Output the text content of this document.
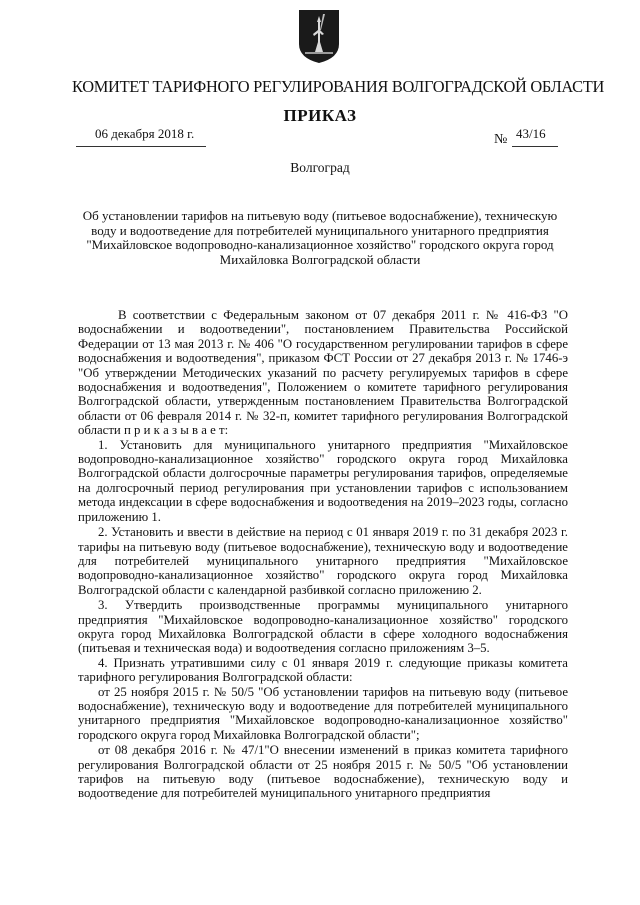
КОМИТЕТ ТАРИФНОГО РЕГУЛИРОВАНИЯ ВОЛГОГРАДСКОЙ ОБЛАСТИ
ПРИКАЗ
06 декабря 2018 г.	№ 43/16
Волгоград

Об установлении тарифов на питьевую воду (питьевое водоснабжение), техническую

воду и водоотведение для потребителей муниципального унитарного предприятия

"Михайловское водопроводно-канализационное хозяйство" городского округа город

Михайловка Волгоградской области

В соответствии с Федеральным законом от 07 декабря 2011 г. № 416-ФЗ "О водоснабжении и водоотведении", постановлением Правительства Российской Федерации от 13 мая 2013 г. № 406 "О государственном регулировании тарифов в сфере водоснабжения и водоотведения", приказом ФСТ России от 27 декабря 2013 г. № 1746-э "Об утверждении Методических указаний по расчету регулируемых тарифов в сфере водоснабжения и водоотведения", Положением о комитете тарифного регулирования Волгоградской области, утвержденным постановлением Правительства Волгоградской области от 06 февраля 2014 г. № 32-п, комитет тарифного регулирования Волгоградской области п р и к а з ы в а е т:

1. Установить для муниципального унитарного предприятия "Михайловское водопроводно-канализационное хозяйство" городского округа город Михайловка Волгоградской области долгосрочные параметры регулирования тарифов, определяемые на долгосрочный период регулирования при установлении тарифов с использованием метода индексации в сфере водоснабжения и водоотведения на 2019–2023 годы, согласно приложению 1.

2. Установить и ввести в действие на период с 01 января 2019 г. по 31 декабря 2023 г. тарифы на питьевую воду (питьевое водоснабжение), техническую воду и водоотведение для потребителей муниципального унитарного предприятия "Михайловское водопроводно-канализационное хозяйство" городского округа город Михайловка Волгоградской области с календарной разбивкой согласно приложению 2.

3. Утвердить производственные программы муниципального унитарного предприятия "Михайловское водопроводно-канализационное хозяйство" городского округа город Михайловка Волгоградской области в сфере холодного водоснабжения (питьевая и техническая вода) и водоотведения согласно приложениям 3–5.

4. Признать утратившими силу с 01 января 2019 г. следующие приказы комитета тарифного регулирования Волгоградской области:

от 25 ноября 2015 г. № 50/5 "Об установлении тарифов на питьевую воду (питьевое водоснабжение), техническую воду и водоотведение для потребителей муниципального унитарного предприятия "Михайловское водопроводно-канализационное хозяйство" городского округа город Михайловка Волгоградской области";

от 08 декабря 2016 г. № 47/1"О внесении изменений в приказ комитета тарифного регулирования Волгоградской области от 25 ноября 2015 г. № 50/5 "Об установлении тарифов на питьевую воду (питьевое водоснабжение), техническую воду и водоотведение для потребителей муниципального унитарного предприятия
